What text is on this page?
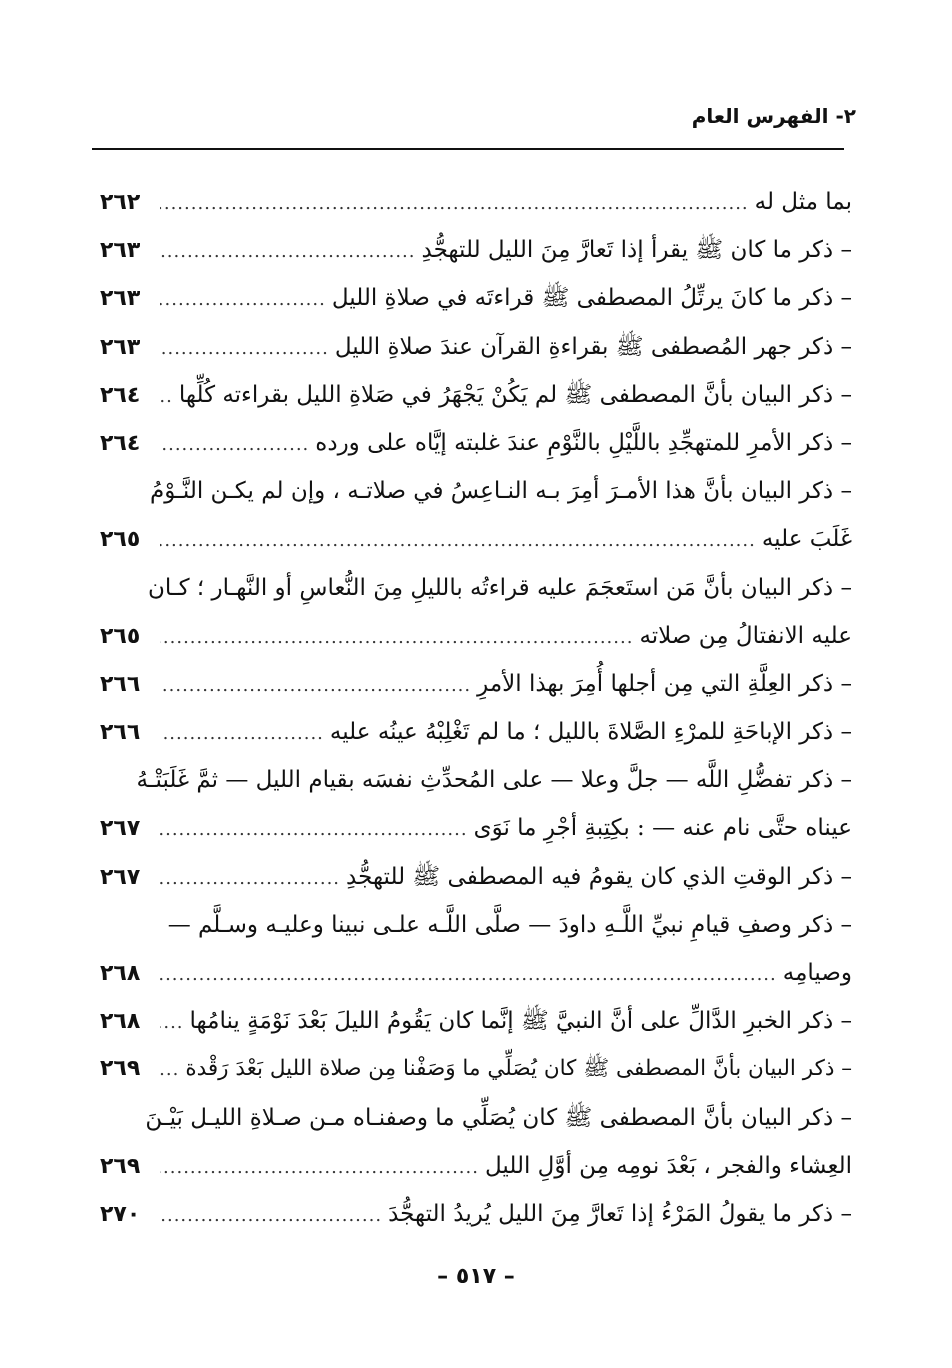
٢- الفهرس العام
بما مثل له
.....
٢٦٢
– ذكر ما كان ﷺ يقرأ إذا تَعارَّ مِنَ الليل للتهجُّدِ
.....
٢٦٣
– ذكر ما كانَ يرتِّلُ المصطفى ﷺ قراءتَه في صلاةِ الليل
.....
٢٦٣
– ذكر جهر المُصطفى ﷺ بقراءةِ القرآن عندَ صلاةِ الليل
.....
٢٦٣
– ذكر البيان بأنَّ المصطفى ﷺ لم يَكُنْ يَجْهَرُ في صَلاةِ الليل بقراءته كُلِّها
.....
٢٦٤
– ذكر الأمرِ للمتهجِّدِ باللَّيْلِ بالنَّوْمِ عندَ غلبته إيَّاه على ورده
.....
٢٦٤
– ذكر البيان بأنَّ هذا الأمـرَ أمِرَ بـه النـاعِسُ في صلاتـه ، وإن لم يكـن النَّـوْمُ
غَلَبَ عليه
.....
٢٦٥
– ذكر البيان بأنَّ مَن استَعجَمَ عليه قراءتُه بالليلِ مِنَ النُّعاسِ أو النَّهـار ؛ كـان
عليه الانفتالُ مِن صلاته
.....
٢٦٥
– ذكر العِلَّةِ التي مِن أجلها أُمِرَ بهذا الأمرِ
.....
٢٦٦
– ذكر الإباحَةِ للمرْءِ الصَّلاةَ بالليل ؛ ما لم تَغْلِبْهُ عينُه عليه
.....
٢٦٦
– ذكر تفضُّلِ اللَّه — جلَّ وعلا — على المُحدِّثِ نفسَه بقيام الليل — ثمَّ غَلَبَتْـهُ
عيناه حتَّى نام عنه — : بكِتِبةِ أجْرِ ما نَوَى
.....
٢٦٧
– ذكر الوقتِ الذي كان يقومُ فيه المصطفى ﷺ للتهجُّدِ
.....
٢٦٧
– ذكر وصفِ قيامِ نبيِّ اللَّـهِ داودَ — صلَّى اللَّـه علـى نبينا وعليـه وسـلَّم —
وصيامِه
.....
٢٦٨
– ذكر الخبرِ الدَّالِّ على أنَّ النبيَّ ﷺ إنَّما كان يَقُومُ الليلَ بَعْدَ نَوْمَةٍ ينامُها
.....
٢٦٨
– ذكر البيان بأنَّ المصطفى ﷺ كان يُصَلِّي ما وَصَفْنا مِن صلاة الليل بَعْدَ رَقْدة
.....
٢٦٩
– ذكر البيان بأنَّ المصطفى ﷺ كان يُصَلِّي ما وصفنـاه مـن صـلاةِ الليـل بَيْـنَ
العِشاء والفجر ، بَعْدَ نومِه مِن أوَّلِ الليل
.....
٢٦٩
– ذكر ما يقولُ المَرْءُ إذا تَعارَّ مِنَ الليل يُريدُ التهجُّدَ
.....
٢٧٠
– ٥١٧ –
